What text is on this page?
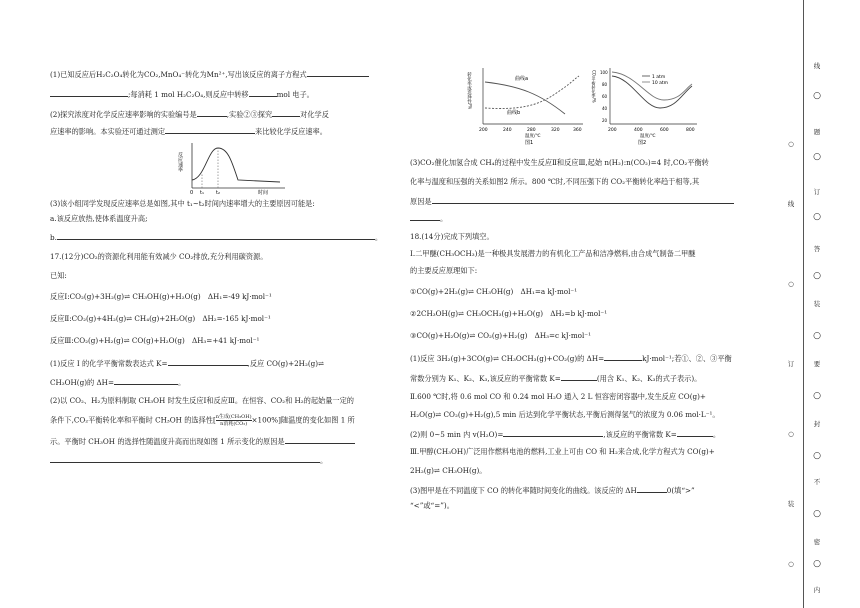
(1)已知反应后H₂C₂O₄转化为CO₂,MnO₄⁻转化为Mn²⁺,写出该反应的离子方程式
;每消耗 1 mol H₂C₂O₄,则反应中转移	mol 电子。
(2)探究浓度对化学反应速率影响的实验编号是	,实验②③探究	对化学反
应速率的影响。本实验还可通过测定	来比较化学反应速率。
反应速率
0 t₁ t₂	时间
(3)该小组同学发现反应速率总是如图,其中 t₁~t₂时间内速率增大的主要原因可能是:
a.该反应放热,使体系温度升高;
b.	。
17.(12分)CO₂的资源化利用能有效减少 CO₂排放,充分利用碳资源。
已知:
反应Ⅰ:CO₂(g)+3H₂(g)⇌ CH₃OH(g)+H₂O(g)　ΔH₁=-49 kJ·mol⁻¹
反应Ⅱ:CO₂(g)+4H₂(g)⇌ CH₄(g)+2H₂O(g)　ΔH₂=-165 kJ·mol⁻¹
反应Ⅲ:CO₂(g)+H₂(g)⇌ CO(g)+H₂O(g)　ΔH₃=+41 kJ·mol⁻¹
(1)反应 Ⅰ 的化学平衡常数表达式 K=	,反应 CO(g)+2H₂(g)⇌
CH₃OH(g)的 ΔH=	。
(2)以 CO₂、H₂为原料制取 CH₃OH 时发生反应Ⅰ和反应Ⅲ。在恒容、CO₂和 H₂的起始量一定的
条件下,CO₂平衡转化率和平衡时 CH₃OH 的选择性[ n生成(CH₃OH)
n消耗(CO₂) ×100%]随温度的变化如图 1 所
示。平衡时 CH₃OH 的选择性随温度升高而出现如图 1 所示变化的原因是
。
曲线a
曲线b
转化率或选择性/%
200	240	280	320	360
温度/℃
图1
1 atm
10 atm
100
80
60
40
20
CO₂平衡转化率/%
200	400	600	800
温度/℃
图2
(3)CO₂催化加氢合成 CH₄的过程中发生反应Ⅱ和反应Ⅲ,起始 n(H₂):n(CO₂)=4 时,CO₂平衡转
化率与温度和压强的关系如图2 所示。800 ℃时,不同压强下的 CO₂平衡转化率趋于相等,其
原因是
。
18.(14分)完成下列填空。
Ⅰ.二甲醚(CH₃OCH₃)是一种极具发展潜力的有机化工产品和洁净燃料,由合成气制备二甲醚
的主要反应原理如下:
①CO(g)+2H₂(g)⇌ CH₃OH(g)　ΔH₁=a kJ·mol⁻¹
②2CH₃OH(g)⇌ CH₃OCH₃(g)+H₂O(g)　ΔH₂=b kJ·mol⁻¹
③CO(g)+H₂O(g)⇌ CO₂(g)+H₂(g)　ΔH₃=c kJ·mol⁻¹
(1)反应 3H₂(g)+3CO(g)⇌ CH₃OCH₃(g)+CO₂(g)的 ΔH=	kJ·mol⁻¹;若①、②、③平衡
常数分别为 K₁、K₂、K₃,该反应的平衡常数 K=	(用含 K₁、K₂、K₃的式子表示)。
Ⅱ.600 ℃时,将 0.6 mol CO 和 0.24 mol H₂O 通入 2 L 恒容密闭容器中,发生反应 CO(g)+
H₂O(g)⇌ CO₂(g)+H₂(g),5 min 后达到化学平衡状态,平衡后测得氢气的浓度为 0.06 mol·L⁻¹。
(2)则 0~5 min 内 v(H₂O)=	,该反应的平衡常数 K=	。
Ⅲ.甲醇(CH₃OH)广泛用作燃料电池的燃料,工业上可由 CO 和 H₂来合成,化学方程式为 CO(g)+
2H₂(g)⇌ CH₃OH(g)。
(3)图甲是在不同温度下 CO 的转化率随时间变化的曲线。该反应的 ΔH	0(填“>”
“<”或“=”)。
线
○
题
○
订
○
答
○
装
○
要
○
封
○
不
○
密
○
内
○
线
○
订
○
装
○
